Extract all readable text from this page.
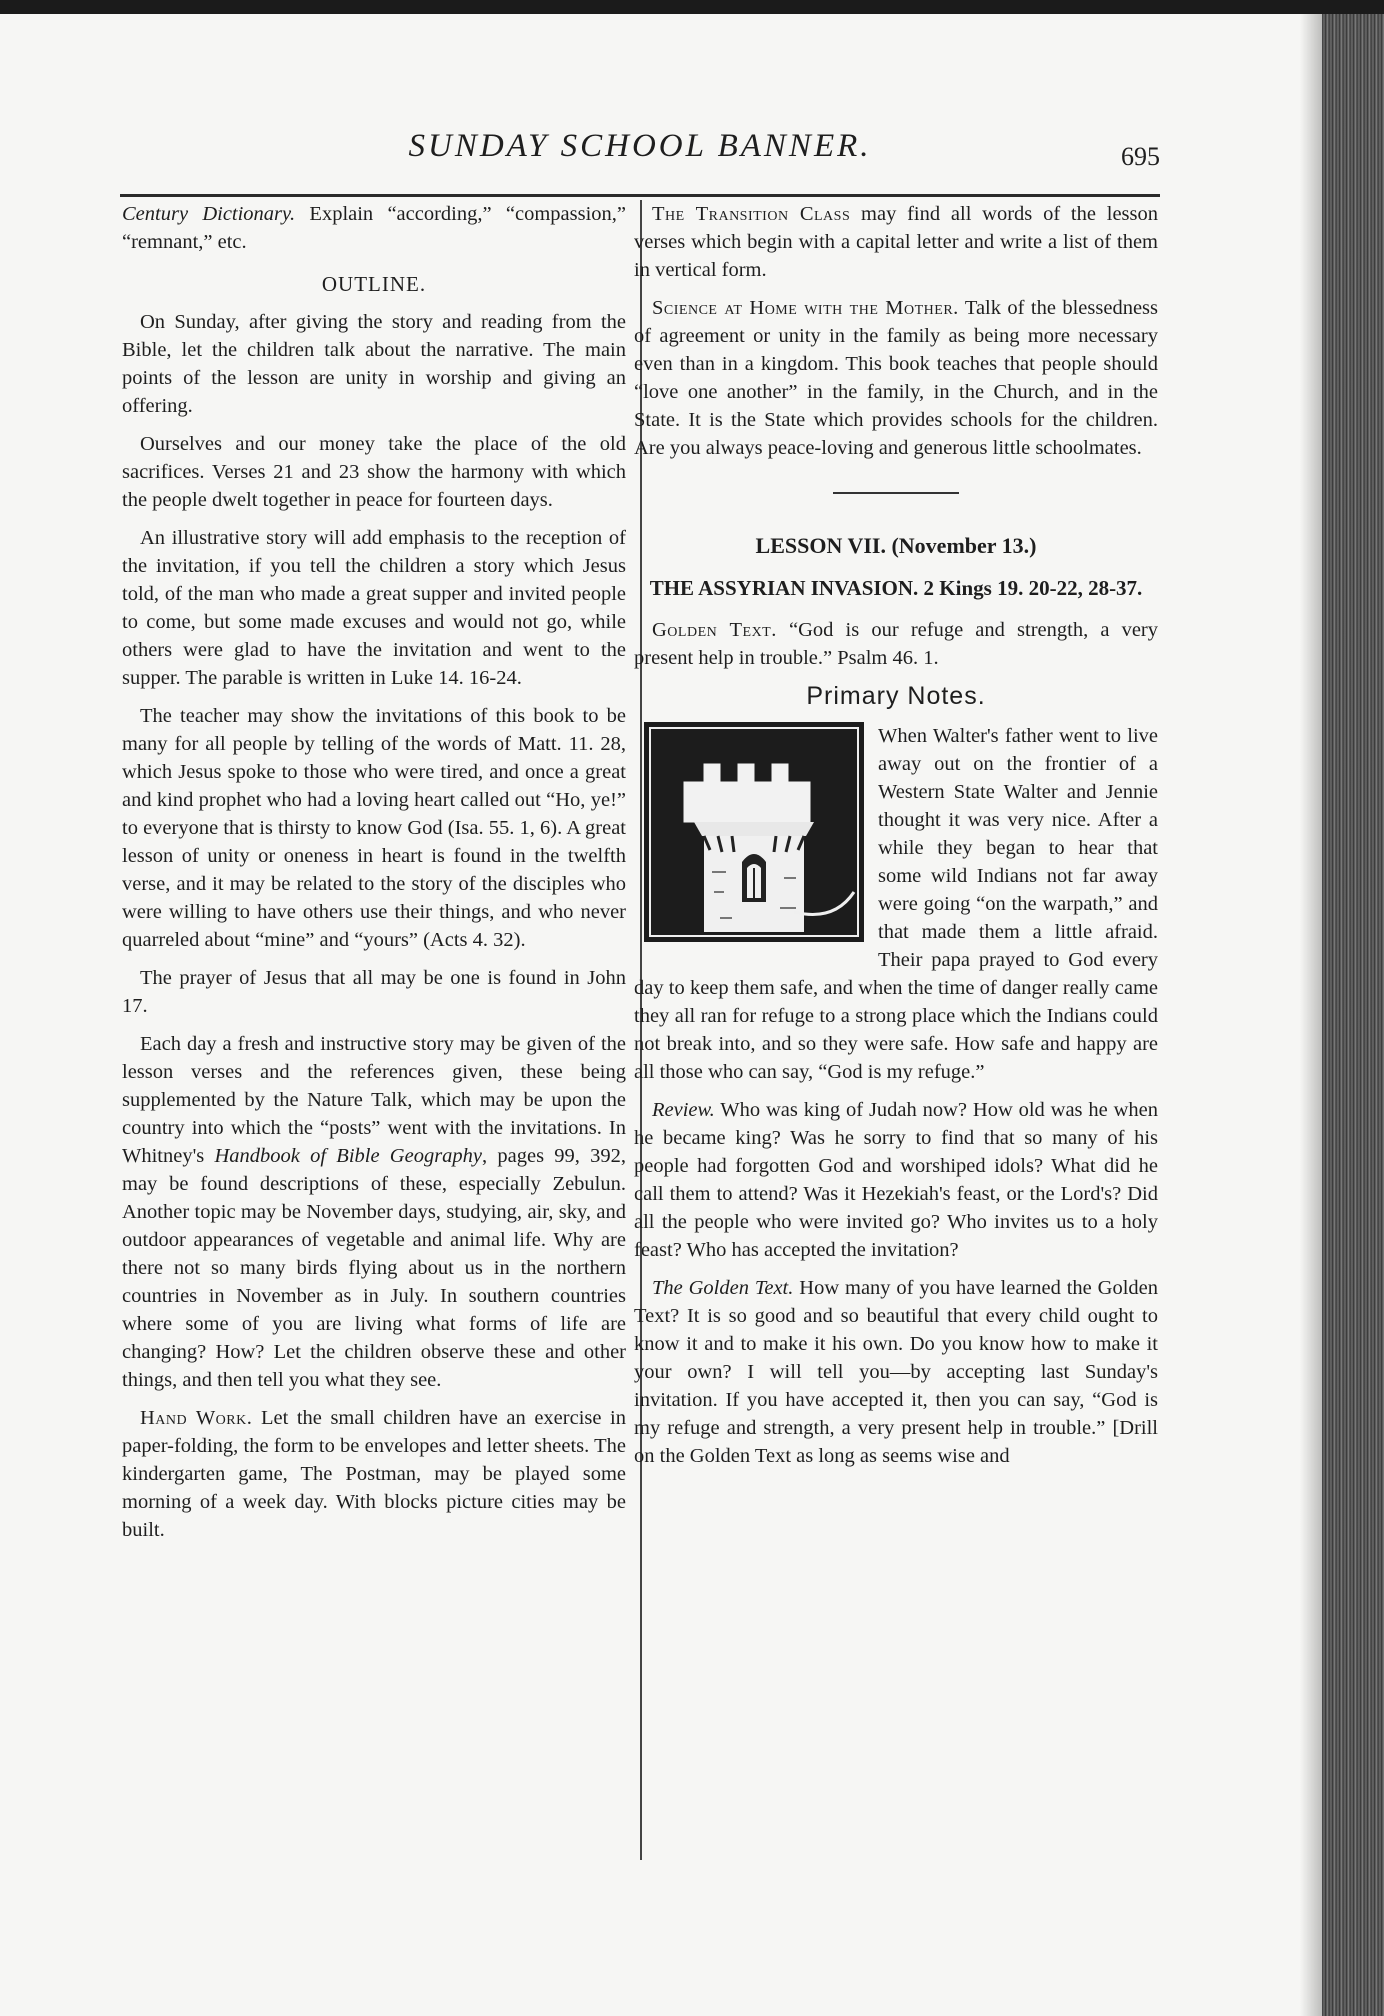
SUNDAY SCHOOL BANNER.	695

Century Dictionary. Explain “according,” “compassion,” “remnant,” etc.

OUTLINE.

On Sunday, after giving the story and reading from the Bible, let the children talk about the narrative. The main points of the lesson are unity in worship and giving an offering.

Ourselves and our money take the place of the old sacrifices. Verses 21 and 23 show the harmony with which the people dwelt together in peace for fourteen days.

An illustrative story will add emphasis to the reception of the invitation, if you tell the children a story which Jesus told, of the man who made a great supper and invited people to come, but some made excuses and would not go, while others were glad to have the invitation and went to the supper. The parable is written in Luke 14. 16-24.

The teacher may show the invitations of this book to be many for all people by telling of the words of Matt. 11. 28, which Jesus spoke to those who were tired, and once a great and kind prophet who had a loving heart called out “Ho, ye!” to everyone that is thirsty to know God (Isa. 55. 1, 6). A great lesson of unity or oneness in heart is found in the twelfth verse, and it may be related to the story of the disciples who were willing to have others use their things, and who never quarreled about “mine” and “yours” (Acts 4. 32).

The prayer of Jesus that all may be one is found in John 17.

Each day a fresh and instructive story may be given of the lesson verses and the references given, these being supplemented by the Nature Talk, which may be upon the country into which the “posts” went with the invitations. In Whitney's Handbook of Bible Geography, pages 99, 392, may be found descriptions of these, especially Zebulun. Another topic may be November days, studying, air, sky, and outdoor appearances of vegetable and animal life. Why are there not so many birds flying about us in the northern countries in November as in July. In southern countries where some of you are living what forms of life are changing? How? Let the children observe these and other things, and then tell you what they see.

Hand Work. Let the small children have an exercise in paper-folding, the form to be envelopes and letter sheets. The kindergarten game, The Postman, may be played some morning of a week day. With blocks picture cities may be built.

The Transition Class may find all words of the lesson verses which begin with a capital letter and write a list of them in vertical form.

Science at Home with the Mother. Talk of the blessedness of agreement or unity in the family as being more necessary even than in a kingdom. This book teaches that people should “love one another” in the family, in the Church, and in the State. It is the State which provides schools for the children. Are you always peace-loving and generous little schoolmates.

LESSON VII. (November 13.)
THE ASSYRIAN INVASION. 2 Kings 19. 20-22, 28-37.

Golden Text. “God is our refuge and strength, a very present help in trouble.” Psalm 46. 1.

Primary Notes.

When Walter's father went to live away out on the frontier of a Western State Walter and Jennie thought it was very nice. After a while they began to hear that some wild Indians not far away were going “on the warpath,” and that made them a little afraid. Their papa prayed to God every day to keep them safe, and when the time of danger really came they all ran for refuge to a strong place which the Indians could not break into, and so they were safe. How safe and happy are all those who can say, “God is my refuge.”

Review. Who was king of Judah now? How old was he when he became king? Was he sorry to find that so many of his people had forgotten God and worshiped idols? What did he call them to attend? Was it Hezekiah's feast, or the Lord's? Did all the people who were invited go? Who invites us to a holy feast? Who has accepted the invitation?

The Golden Text. How many of you have learned the Golden Text? It is so good and so beautiful that every child ought to know it and to make it his own. Do you know how to make it your own? I will tell you—by accepting last Sunday's invitation. If you have accepted it, then you can say, “God is my refuge and strength, a very present help in trouble.” [Drill on the Golden Text as long as seems wise and
